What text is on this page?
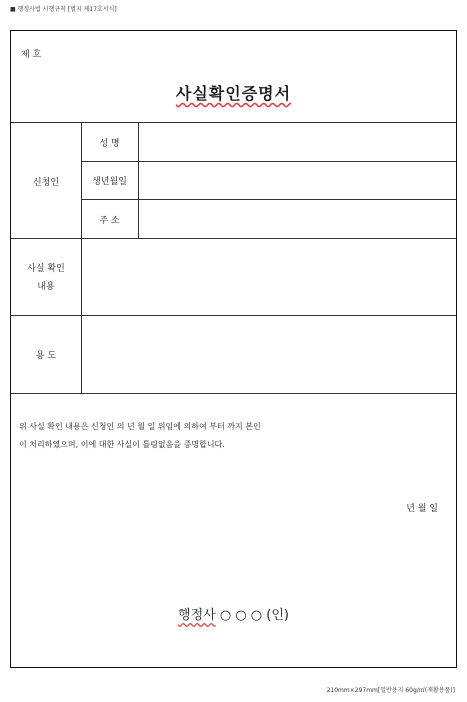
■ 행정사법 시행규칙 [별지 제17호서식]
제 호
사실확인증명서
신청인
성 명
생년월일
주 소
사실 확인
내용
용 도
위 사실 확인 내용은 신청인 의 년 월 일 위임에 의하여 부터 까지 본인
이 처리하였으며, 이에 대한 사실이 틀림없음을 증명합니다.
년 월 일
행정사 ○ ○ ○ (인)
210mm×297mm[일반용지 60g/㎡(재활용품)]
